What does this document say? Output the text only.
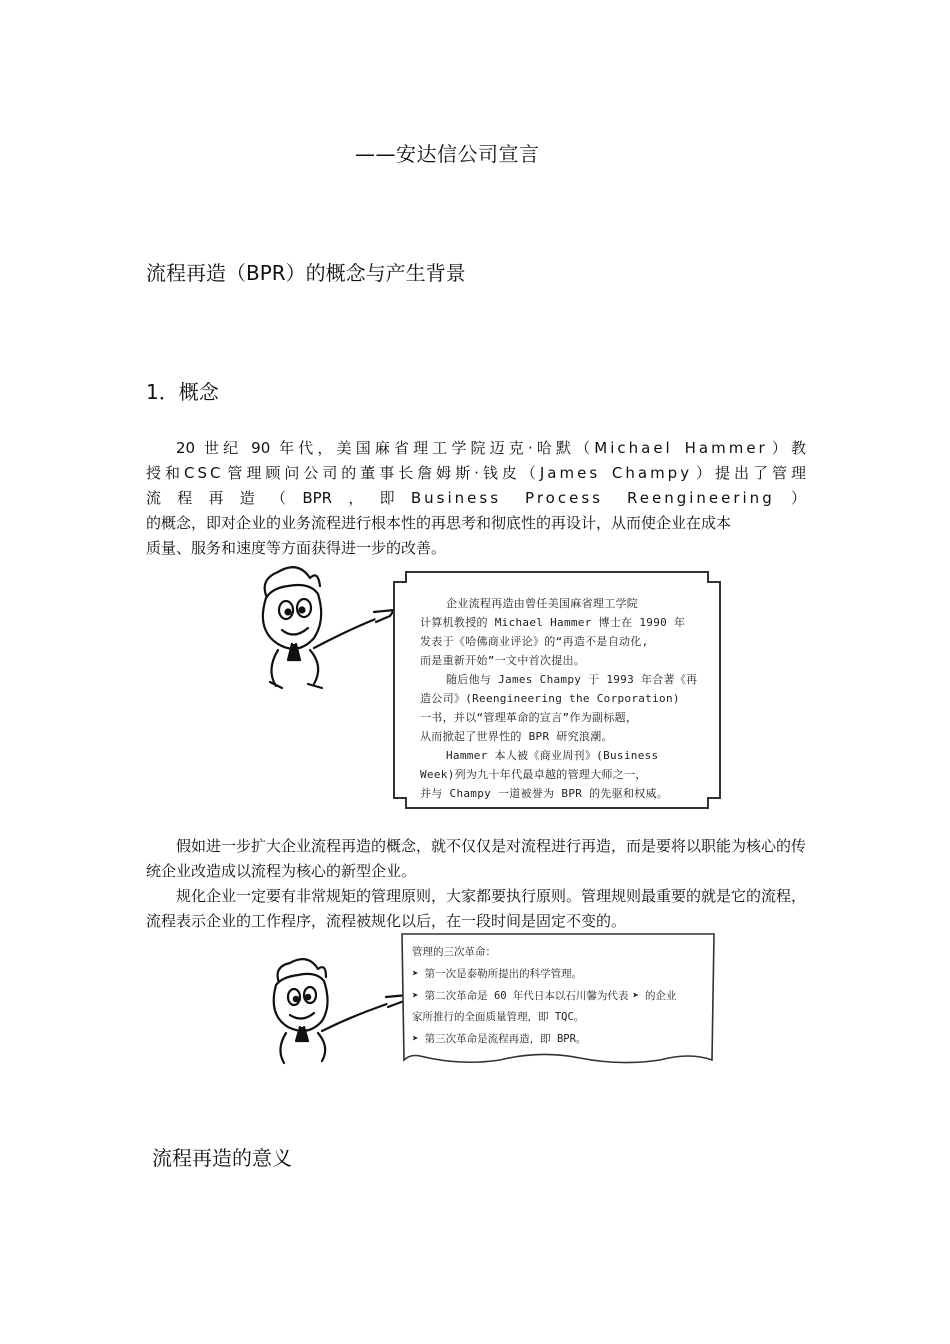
——安达信公司宣言
流程再造（BPR）的概念与产生背景
1．概念
20 世纪 90 年代，美国麻省理工学院迈克·哈默（Michael Hammer）教
授和CSC管理顾问公司的董事长詹姆斯·钱皮（James Champy）提出了管理
流程再造（BPR，即Business Process Reengineering）
的概念，即对企业的业务流程进行根本性的再思考和彻底性的再设计，从而使企业在成本
质量、服务和速度等方面获得进一步的改善。
企业流程再造由曾任美国麻省理工学院
计算机教授的 Michael Hammer 博士在 1990 年
发表于《哈佛商业评论》的“再造不是自动化,
而是重新开始”一文中首次提出。
随后他与 James Champy 于 1993 年合著《再
造公司》(Reengineering the Corporation)
一书，并以“管理革命的宣言”作为副标题，
从而掀起了世界性的 BPR 研究浪潮。
Hammer 本人被《商业周刊》(Business
Week)列为九十年代最卓越的管理大师之一，
并与 Champy 一道被誉为 BPR 的先驱和权威。

假如进一步扩大企业流程再造的概念，就不仅仅是对流程进行再造，而是要将以职能为核心的传统企业改造成以流程为核心的新型企业。

规化企业一定要有非常规矩的管理原则，大家都要执行原则。管理规则最重要的就是它的流程，流程表示企业的工作程序，流程被规化以后，在一段时间是固定不变的。

管理的三次革命：
➤ 第一次是泰勒所提出的科学管理。
➤ 第二次革命是 60 年代日本以石川馨为代表 ➤ 的企业
家所推行的全面质量管理，即 TQC。
➤ 第三次革命是流程再造，即 BPR。
流程再造的意义
